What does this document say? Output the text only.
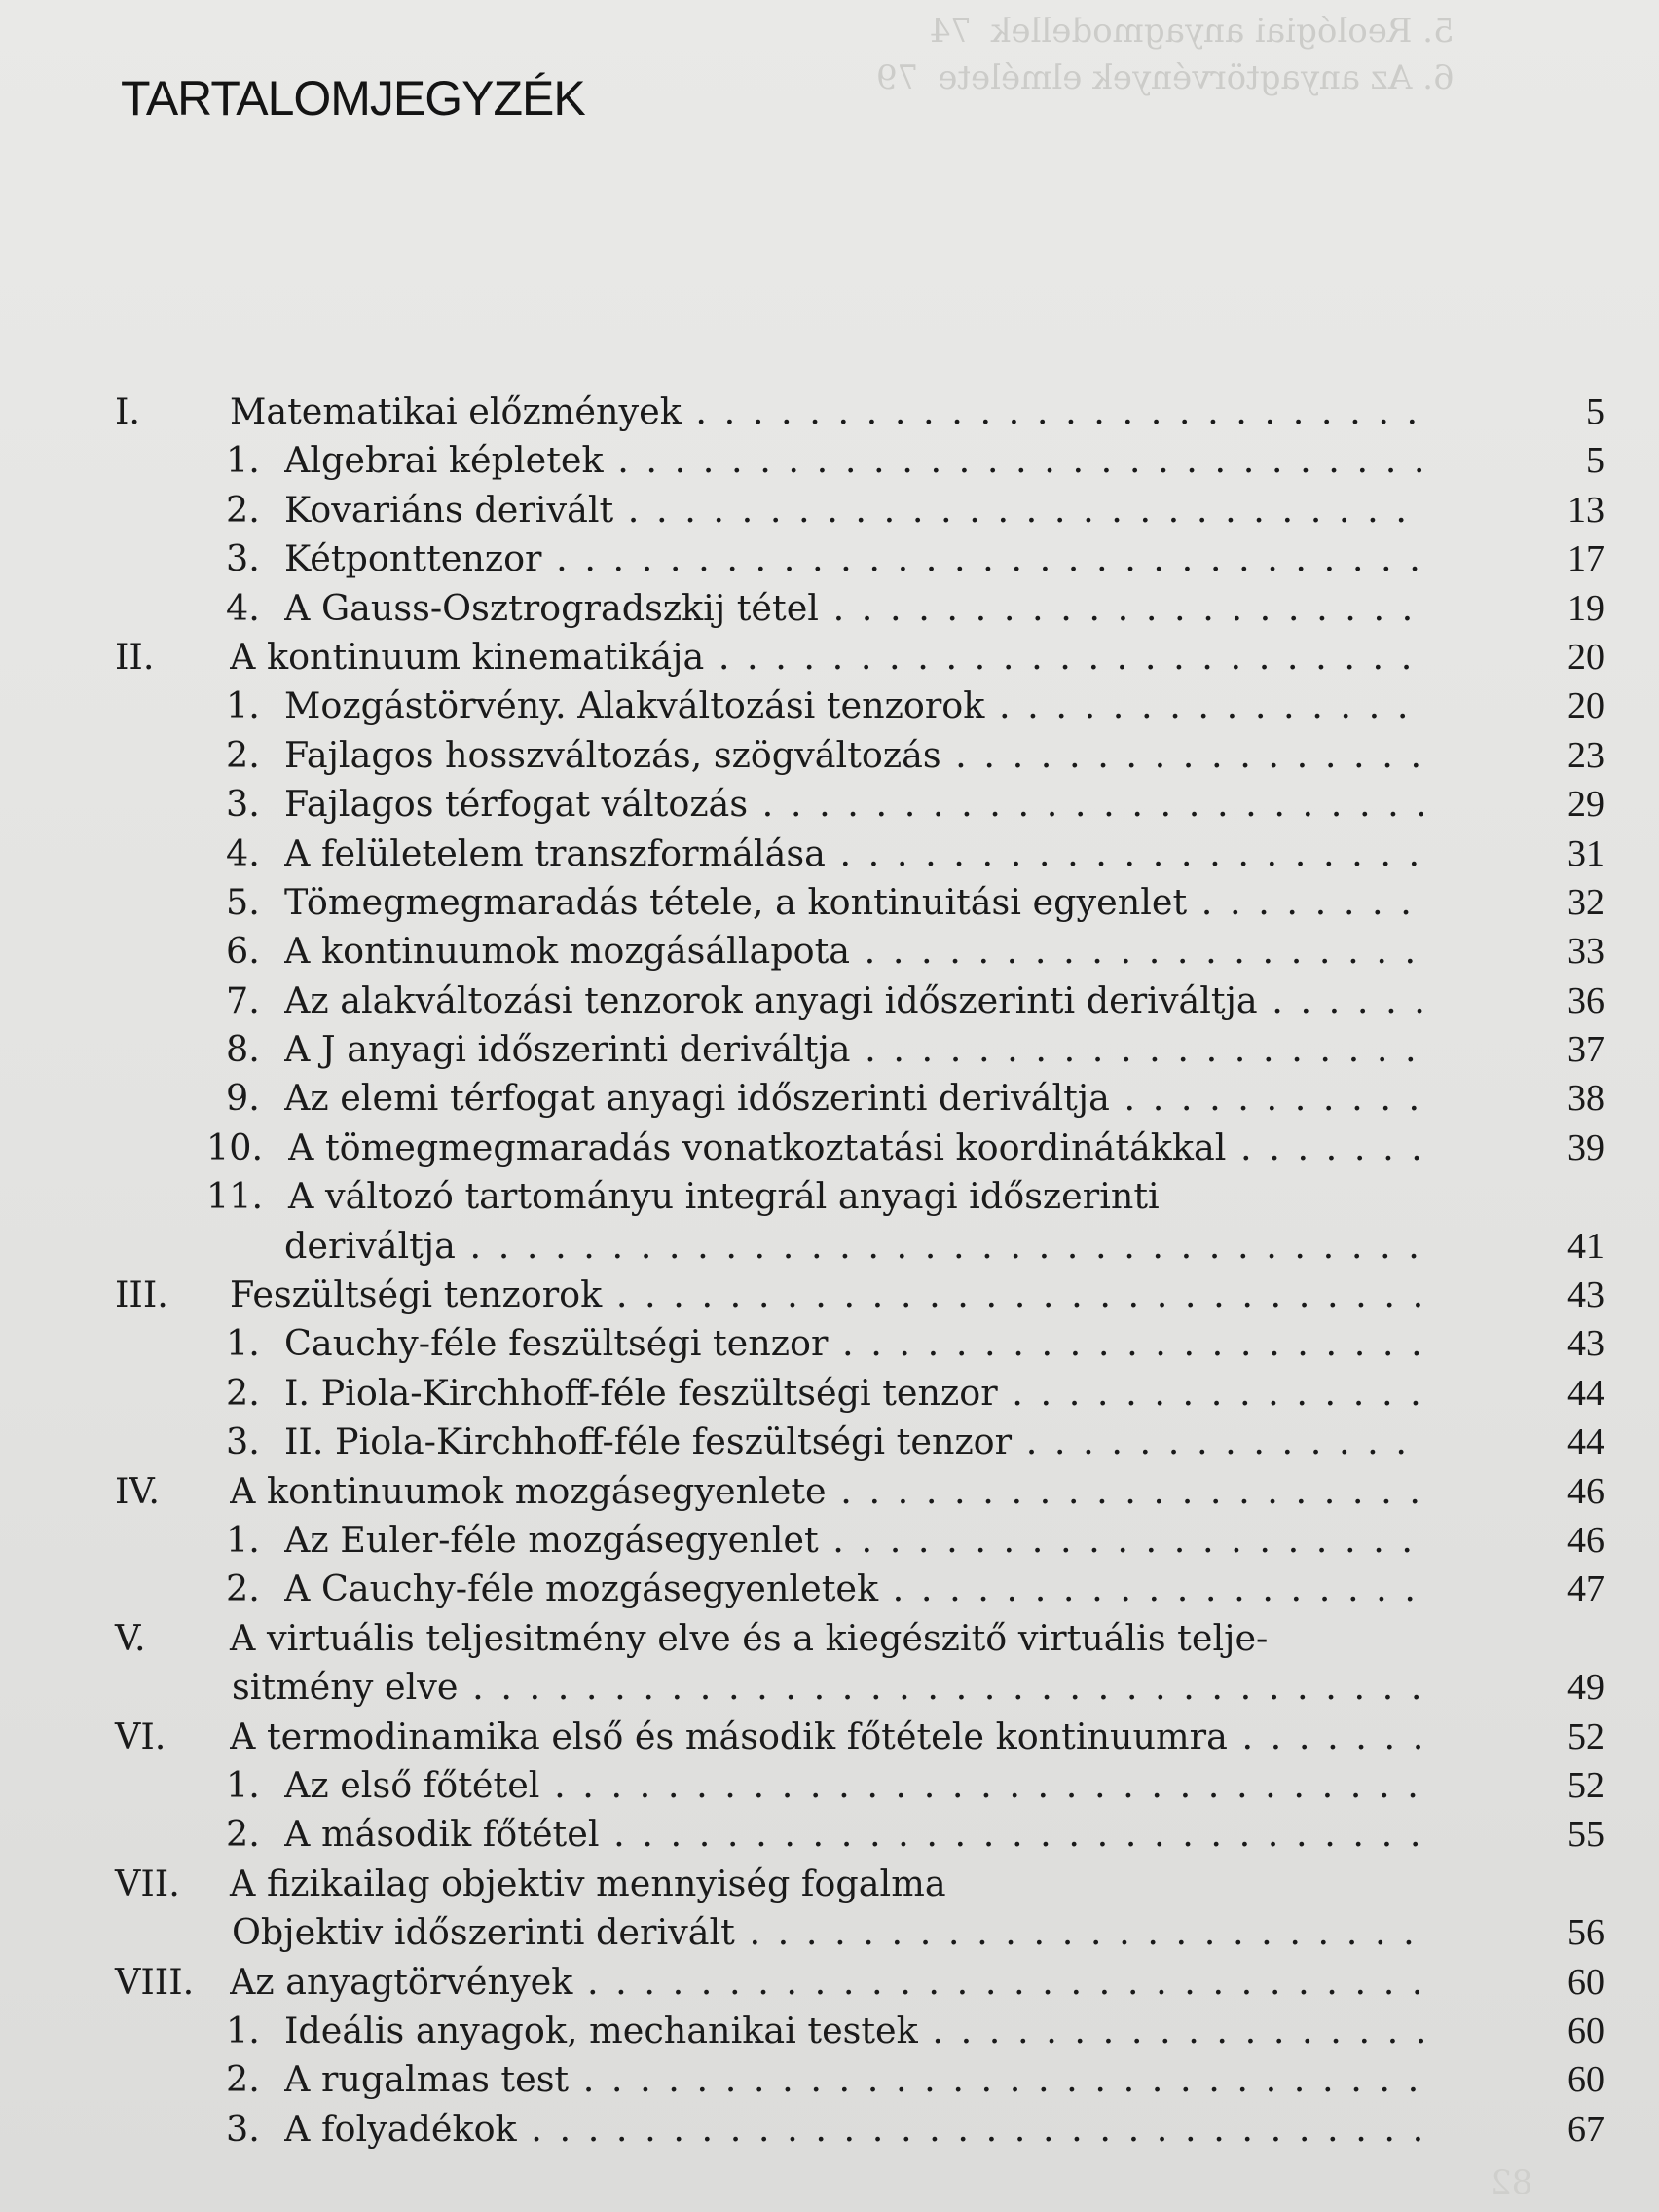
5. Reológiai anyagmodellek74
6. Az anyagtörvények elmélete79
82
TARTALOMJEGYZÉK
I.	Matematikai előzmények . . .	5
1. Algebrai képletek . . .	5
2. Kovariáns derivált . . .	13
3. Kétponttenzor . . .	17
4. A Gauss-Osztrogradszkij tétel . . .	19
II. A kontinuum kinematikája . . .	20
1. Mozgástörvény. Alakváltozási tenzorok . . .	20
2. Fajlagos hosszváltozás, szögváltozás . . .	23
3. Fajlagos térfogat változás . . .	29
4. A felületelem transzformálása . . .	31
5. Tömegmegmaradás tétele, a kontinuitási egyenlet . . .	32
6. A kontinuumok mozgásállapota . . .	33
7. Az alakváltozási tenzorok anyagi időszerinti deriváltja . . .	36
8. A J anyagi időszerinti deriváltja . . .	37
9. Az elemi térfogat anyagi időszerinti deriváltja . . .	38
10. A tömegmegmaradás vonatkoztatási koordinátákkal . . .	39
11. A változó tartományu integrál anyagi időszerinti
deriváltja . . .	41
III. Feszültségi tenzorok . . .	43
1. Cauchy-féle feszültségi tenzor . . .	43
2. I. Piola-Kirchhoff-féle feszültségi tenzor . . .	44
3. II. Piola-Kirchhoff-féle feszültségi tenzor . . .	44
IV. A kontinuumok mozgásegyenlete . . .	46
1. Az Euler-féle mozgásegyenlet . . .	46
2. A Cauchy-féle mozgásegyenletek . . .	47
V. A virtuális teljesitmény elve és a kiegészitő virtuális telje-
sitmény elve . . .	49
VI. A termodinamika első és második főtétele kontinuumra . . .	52
1. Az első főtétel . . .	52
2. A második főtétel . . .	55
VII. A fizikailag objektiv mennyiség fogalma
Objektiv időszerinti derivált . . .	56
VIII. Az anyagtörvények . . .	60
1. Ideális anyagok, mechanikai testek . . .	60
2. A rugalmas test . . .	60
3. A folyadékok . . .	67
